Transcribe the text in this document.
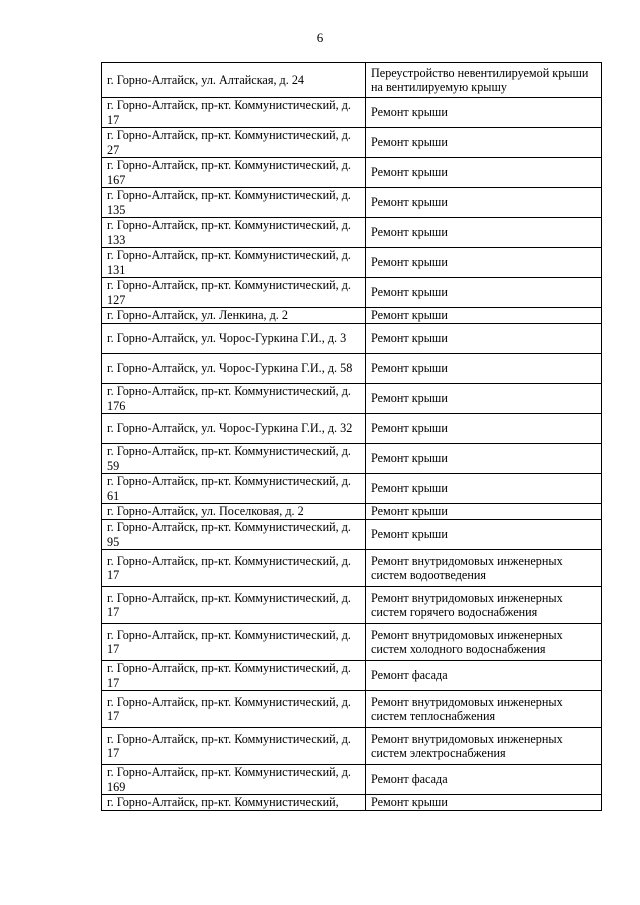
6
г. Горно-Алтайск, ул. Алтайская, д. 24	Переустройство невентилируемой крыши на вентилируемую крышу
г. Горно-Алтайск, пр-кт. Коммунистический, д. 17	Ремонт крыши
г. Горно-Алтайск, пр-кт. Коммунистический, д. 27	Ремонт крыши
г. Горно-Алтайск, пр-кт. Коммунистический, д. 167	Ремонт крыши
г. Горно-Алтайск, пр-кт. Коммунистический, д. 135	Ремонт крыши
г. Горно-Алтайск, пр-кт. Коммунистический, д. 133	Ремонт крыши
г. Горно-Алтайск, пр-кт. Коммунистический, д. 131	Ремонт крыши
г. Горно-Алтайск, пр-кт. Коммунистический, д. 127	Ремонт крыши
г. Горно-Алтайск, ул. Ленкина, д. 2	Ремонт крыши
г. Горно-Алтайск, ул. Чорос-Гуркина Г.И., д. 3	Ремонт крыши
г. Горно-Алтайск, ул. Чорос-Гуркина Г.И., д. 58	Ремонт крыши
г. Горно-Алтайск, пр-кт. Коммунистический, д. 176	Ремонт крыши
г. Горно-Алтайск, ул. Чорос-Гуркина Г.И., д. 32	Ремонт крыши
г. Горно-Алтайск, пр-кт. Коммунистический, д. 59	Ремонт крыши
г. Горно-Алтайск, пр-кт. Коммунистический, д. 61	Ремонт крыши
г. Горно-Алтайск, ул. Поселковая, д. 2	Ремонт крыши
г. Горно-Алтайск, пр-кт. Коммунистический, д. 95	Ремонт крыши
г. Горно-Алтайск, пр-кт. Коммунистический, д. 17	Ремонт внутридомовых инженерных систем водоотведения
г. Горно-Алтайск, пр-кт. Коммунистический, д. 17	Ремонт внутридомовых инженерных систем горячего водоснабжения
г. Горно-Алтайск, пр-кт. Коммунистический, д. 17	Ремонт внутридомовых инженерных систем холодного водоснабжения
г. Горно-Алтайск, пр-кт. Коммунистический, д. 17	Ремонт фасада
г. Горно-Алтайск, пр-кт. Коммунистический, д. 17	Ремонт внутридомовых инженерных систем теплоснабжения
г. Горно-Алтайск, пр-кт. Коммунистический, д. 17	Ремонт внутридомовых инженерных систем электроснабжения
г. Горно-Алтайск, пр-кт. Коммунистический, д. 169	Ремонт фасада
г. Горно-Алтайск, пр-кт. Коммунистический,	Ремонт крыши
